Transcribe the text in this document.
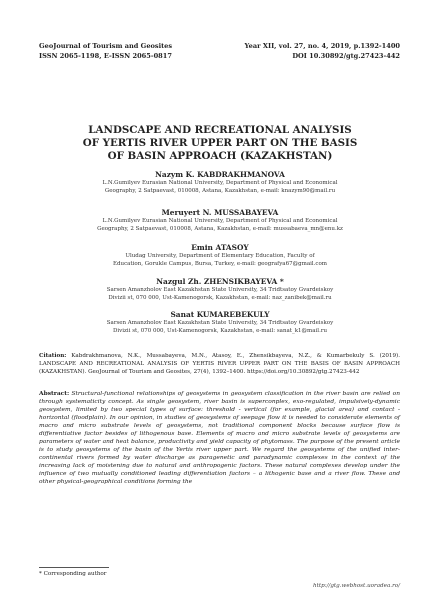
GeoJournal of Tourism and Geosites
ISSN 2065-1198, E-ISSN 2065-0817
Year XII, vol. 27, no. 4, 2019, p.1392-1400
DOI 10.30892/gtg.27423-442
LANDSCAPE AND RECREATIONAL ANALYSIS
OF YERTIS RIVER UPPER PART ON THE BASIS
OF BASIN APPROACH (KAZAKHSTAN)
Nazym K. KABDRAKHMANOVA
L.N.Gumilyev Eurasian National University, Department of Physical and Economical
Geography, 2 Satpaevast, 010008, Astana, Kazakhstan, e-mail: knazym90@mail.ru
Meruyert N. MUSSABAYEVA
L.N.Gumilyev Eurasian National University, Department of Physical and Economical
Geography, 2 Satpaevast, 010008, Astana, Kazakhstan, e-mail: mussabaeva_mn@enu.kz
Emin ATASOY
Uludag University, Department of Elementary Education, Faculty of
Education, Gorukle Campus, Bursa, Turkey, e-mail: geografya67@gmail.com
Nazgul Zh. ZHENSIKBAYEVA *
Sarsen Amanzholov East Kazakhstan State University, 34 Tridtsatoy Gvardeiskoy
Divizii st, 070 000, Ust-Kamenogorsk, Kazakhstan, e-mail: naz_zanibek@mail.ru
Sanat KUMAREBEKULY
Sarsen Amanzholov East Kazakhstan State University, 34 Tridtsatoy Gvardeiskoy
Divizii st, 070 000, Ust-Kamenogorsk, Kazakhstan, e-mail: sanat_k1@mail.ru
Citation: Kabdrakhmanova, N.K., Mussabayeva, M.N., Atasoy, E., Zhensikbayeva, N.Z., & Kumarbekuly S. (2019). LANDSCAPE AND RECREATIONAL ANALYSIS OF YERTIS RIVER UPPER PART ON THE BASIS OF BASIN APPROACH (KAZAKHSTAN). GeoJournal of Tourism and Geosites, 27(4), 1392–1400. https://doi.org/10.30892/gtg.27423-442
Abstract: Structural-functional relationships of geosystems in geosystem classification in the river basin are relied on through systematicity concept. As single geosystem, river basin is superconplex, exo-regulated, impulsively-dynamic geosystem, limited by two special types of surface: threshold - vertical (for example, glacial area) and contact - horizontal (floodplain). In our opinion, in studies of geosystems of seepage flow it is needed to considerate elements of macro and micro substrate levels of geosystems, not traditional component blocks because surface flow is differentiative factor besides of lithogenous base. Elements of macro and micro substrate levels of geosystems are parameters of water and heat balance, productivity and yield capacity of phytomass. The purpose of the present article is to study geosystems of the basin of the Yertis river upper part. We regard the geosystems of the unified inter-continental rivers formed by water discharge as paragenetic and paradynamic complexes in the context of the increasing lack of moistening due to natural and anthropogenic factors. These natural complexes develop under the influence of two mutually conditioned leading differentiation factors – a lithogenic base and a river flow. These and other physical-geographical conditions forming the
* Corresponding author
http://gtg.webhost.uoradea.ro/
